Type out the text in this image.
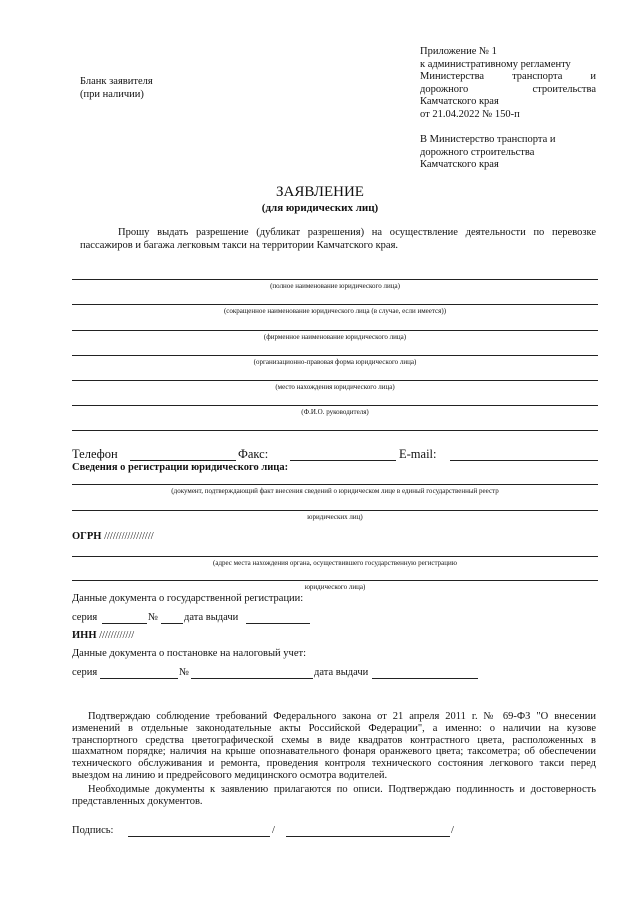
Приложение № 1
к административному регламенту
Министерства	транспорта	и
дорожного	строительства
Камчатского края
от 21.04.2022 № 150-п
Бланк заявителя
(при наличии)
В Министерство транспорта и
дорожного строительства
Камчатского края
ЗАЯВЛЕНИЕ
(для юридических лиц)
Прошу выдать разрешение (дубликат разрешения) на осуществление деятельности по перевозке пассажиров и багажа легковым такси на территории Камчатского края.
(полное наименование юридического лица)
(сокращенное наименование юридического лица (в случае, если имеется))
(фирменное наименование юридического лица)
(организационно-правовая форма юридического лица)
(место нахождения юридического лица)
(Ф.И.О. руководителя)
Телефон	Факс:	E-mail:
Сведения о регистрации юридического лица:
(документ, подтверждающий факт внесения сведений о юридическом лице в единый государственный реестр
юридических лиц)
ОГРН /////////////////
(адрес места нахождения органа, осуществившего государственную регистрацию
юридического лица)
Данные документа о государственной регистрации:
серия	№ дата выдачи
ИНН ////////////
Данные документа о постановке на налоговый учет:
серия	№	дата выдачи
Подтверждаю соблюдение требований Федерального закона от 21 апреля 2011 г. № 69-ФЗ "О внесении изменений в отдельные законодательные акты Российской Федерации", а именно: о наличии на кузове транспортного средства цветографической схемы в виде квадратов контрастного цвета, расположенных в шахматном порядке; наличия на крыше опознавательного фонаря оранжевого цвета; таксометра; об обеспечении технического обслуживания и ремонта, проведения контроля технического состояния легкового такси перед выездом на линию и предрейсового медицинского осмотра водителей.
Необходимые документы к заявлению прилагаются по описи. Подтверждаю подлинность и достоверность представленных документов.
Подпись:	/	/
